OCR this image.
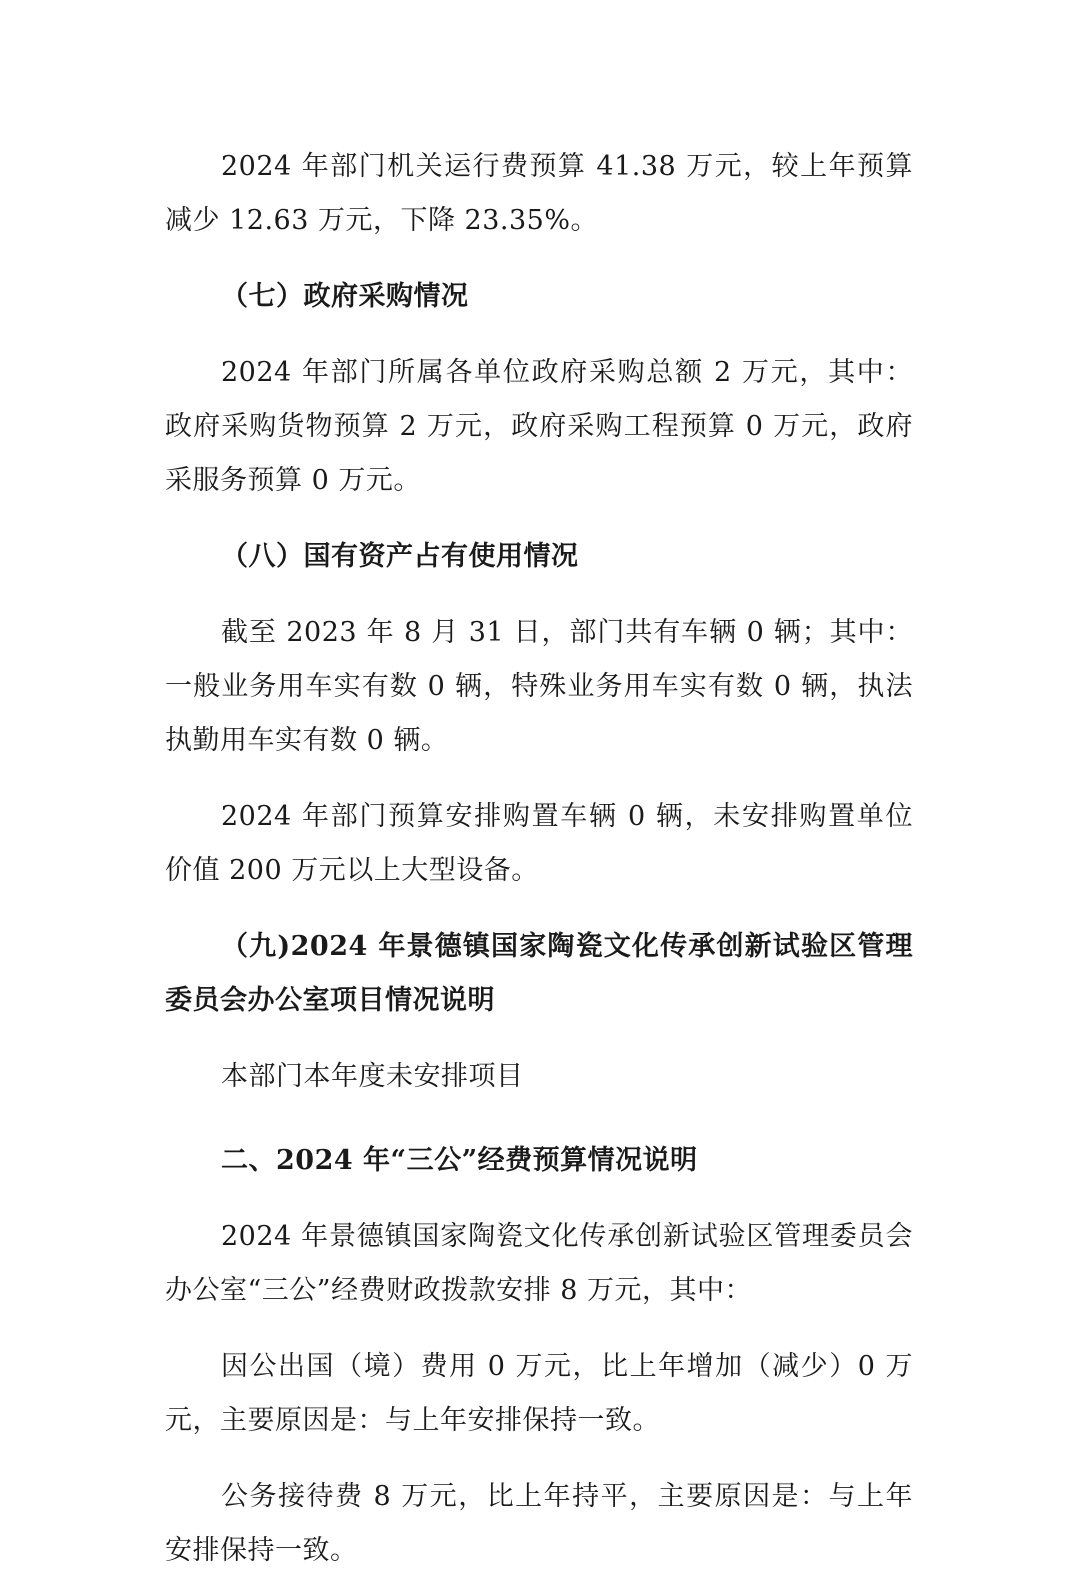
2024 年部门机关运行费预算 41.38 万元，较上年预算减少 12.63 万元，下降 23.35%。

（七）政府采购情况

2024 年部门所属各单位政府采购总额 2 万元，其中：政府采购货物预算 2 万元，政府采购工程预算 0 万元，政府采服务预算 0 万元。

（八）国有资产占有使用情况

截至 2023 年 8 月 31 日，部门共有车辆 0 辆；其中：一般业务用车实有数 0 辆，特殊业务用车实有数 0 辆，执法执勤用车实有数 0 辆。

2024 年部门预算安排购置车辆 0 辆，未安排购置单位价值 200 万元以上大型设备。

（九)2024 年景德镇国家陶瓷文化传承创新试验区管理委员会办公室项目情况说明

本部门本年度未安排项目

二、2024 年“三公”经费预算情况说明

2024 年景德镇国家陶瓷文化传承创新试验区管理委员会办公室“三公”经费财政拨款安排 8 万元，其中：

因公出国（境）费用 0 万元，比上年增加（减少）0 万元，主要原因是：与上年安排保持一致。

公务接待费 8 万元，比上年持平，主要原因是：与上年安排保持一致。
